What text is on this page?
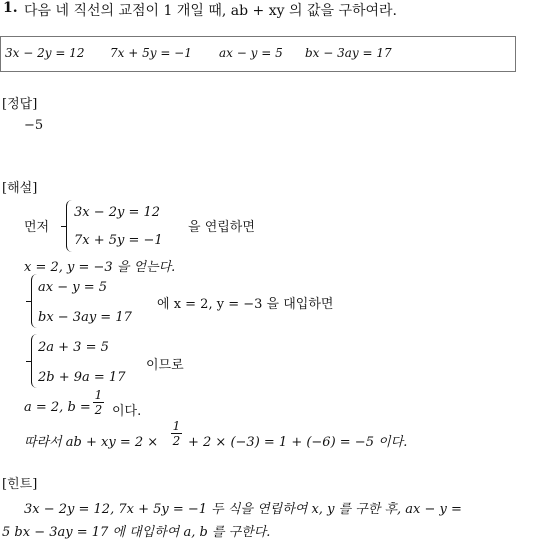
1. 다음 네 직선의 교점이 1 개일 때, ab + xy 의 값을 구하여라.
3x − 2y = 12 7x + 5y = −1 ax − y = 5 bx − 3ay = 17
[정답]
−5
[해설]
먼저
3x − 2y = 12
7x + 5y = −1
을 연립하면
x = 2, y = −3 을 얻는다.
ax − y = 5
bx − 3ay = 17
에 x = 2, y = −3 을 대입하면
2a + 3 = 5
2b + 9a = 17
이므로
a = 2, $b = \frac{1}{2}$ 이다.
따라서 ab + xy = $2 \times \frac{1}{2} + 2 \times (-3) = 1 + (-6) = -5$ 이다.
[힌트]
3x − 2y = 12, 7x + 5y = −1 두 식을 연립하여 x, y 를 구한 후, ax − y =
5 bx − 3ay = 17 에 대입하여 a, b 를 구한다.
